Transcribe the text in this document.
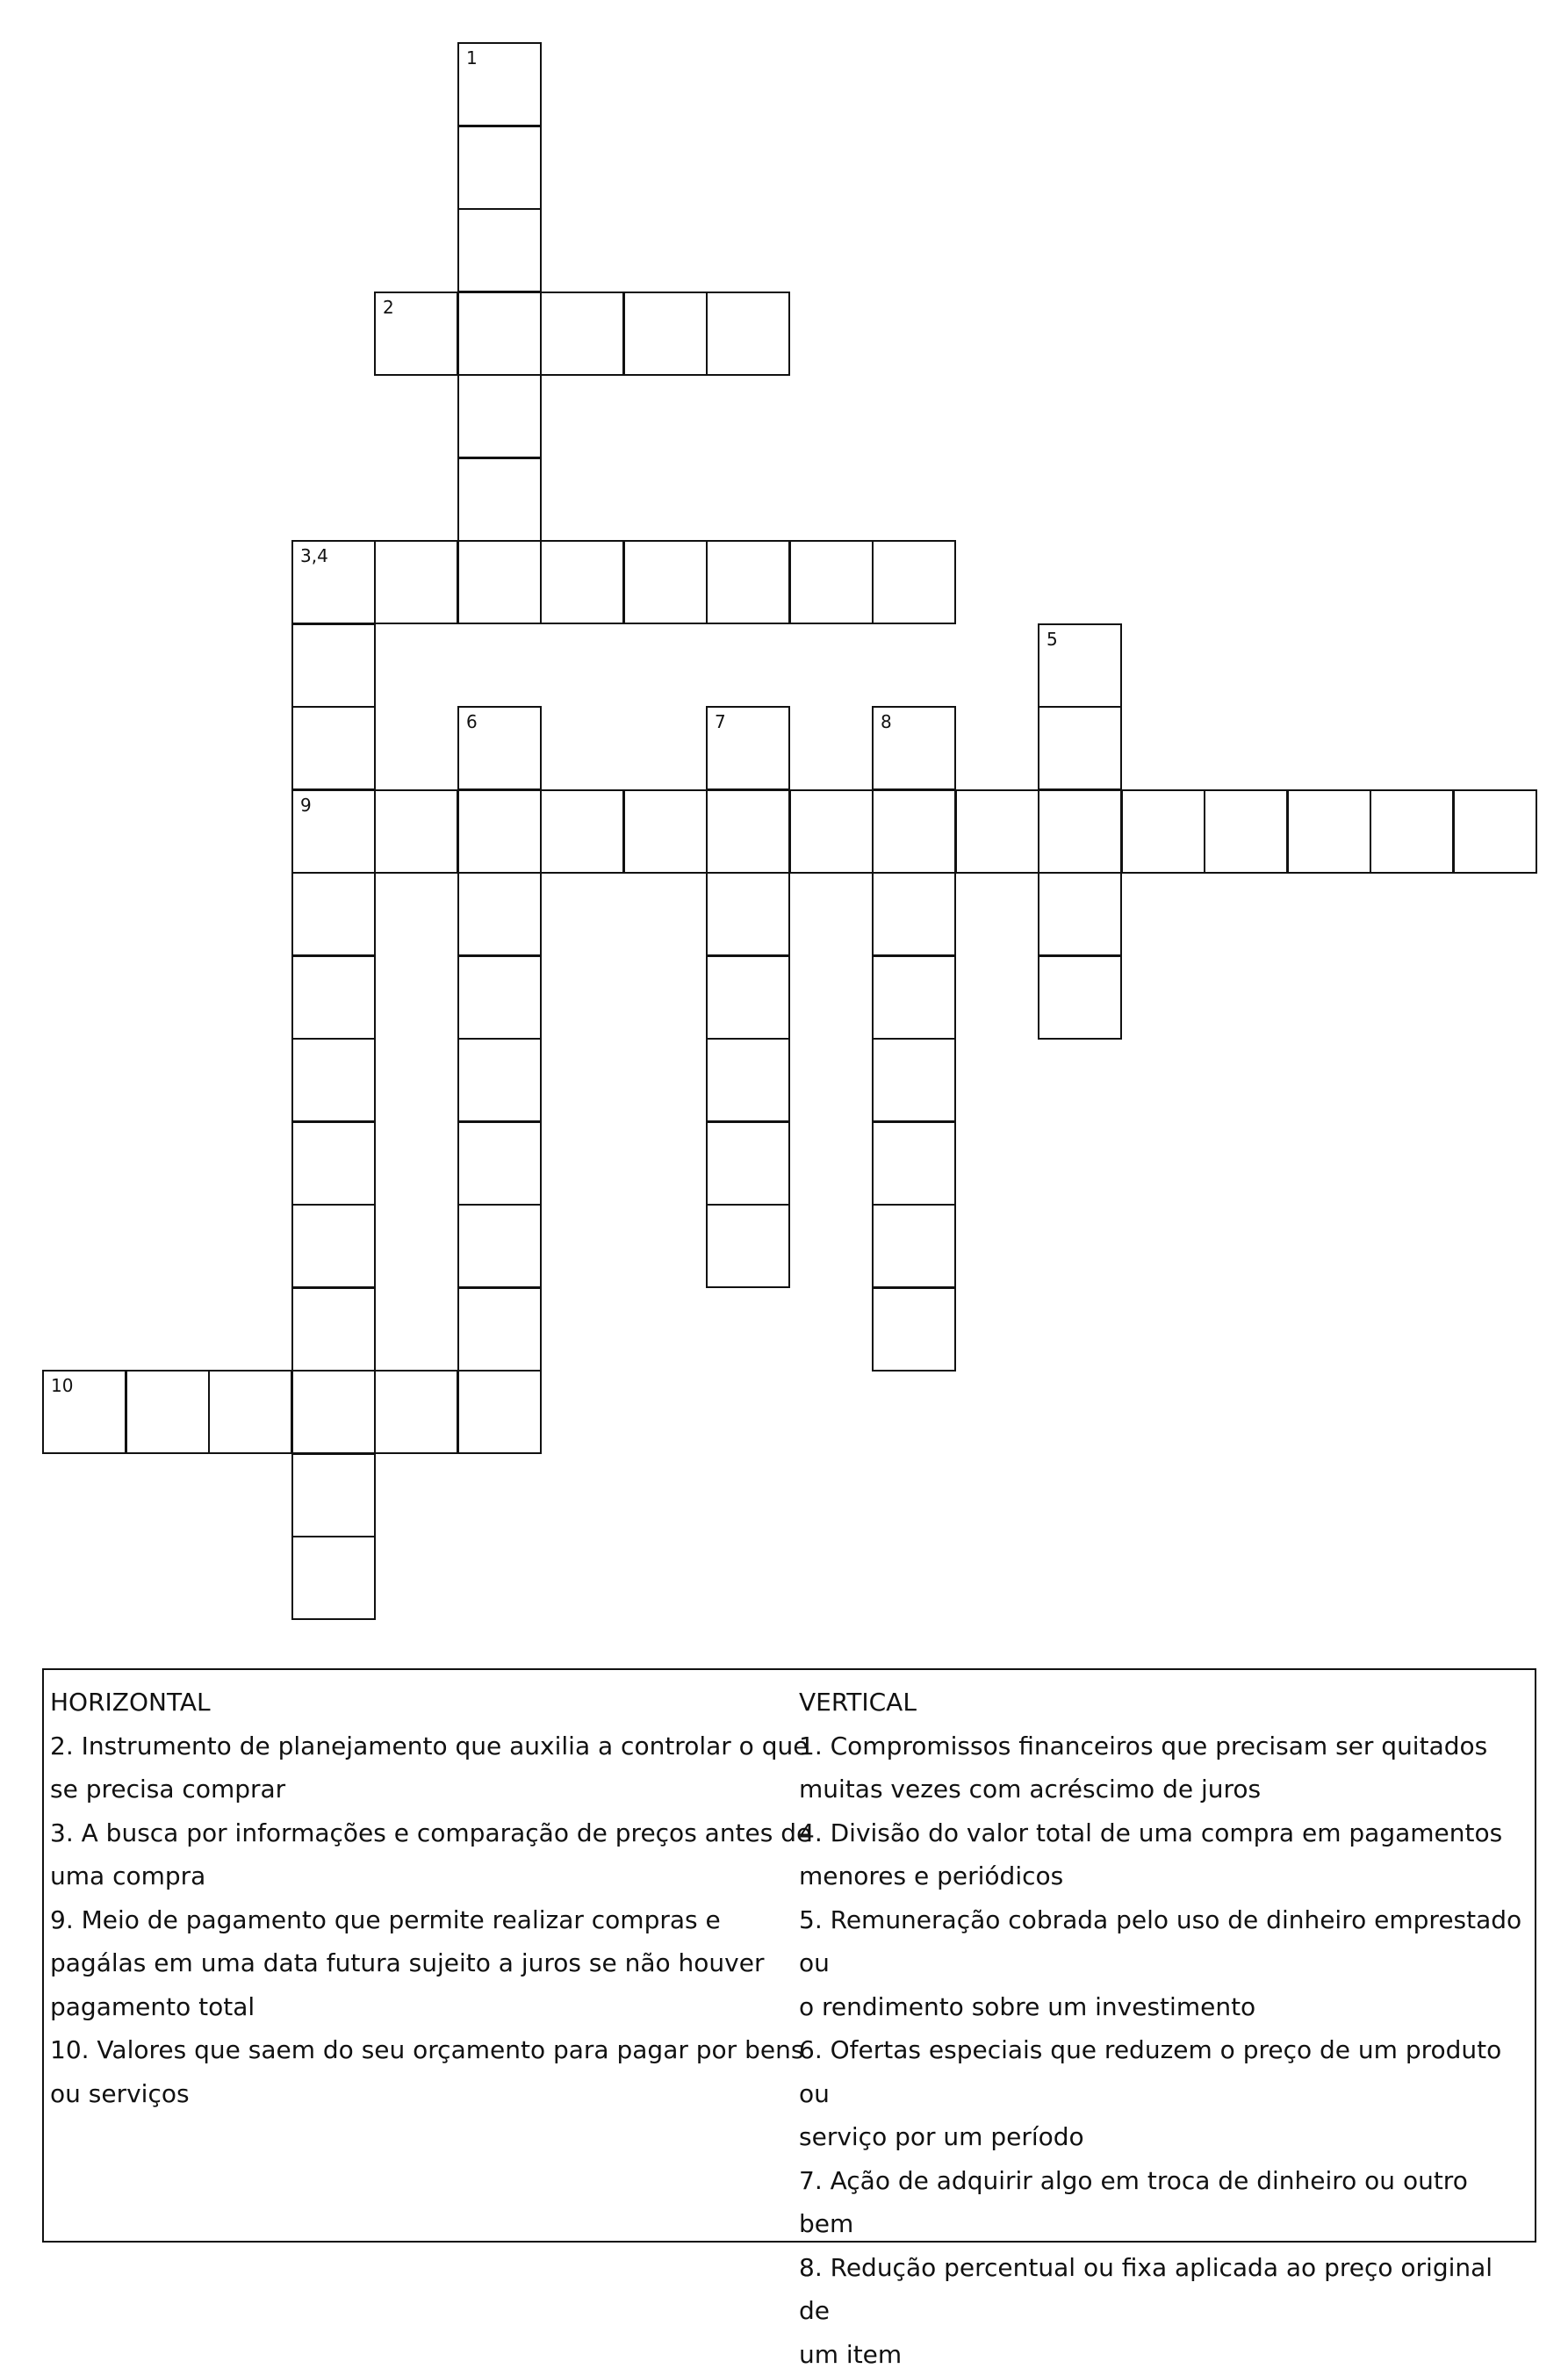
2
3,4
9
10
1
5
6	7	8
HORIZONTAL
2. Instrumento de planejamento que auxilia a controlar o que
se precisa comprar
3. A busca por informações e comparação de preços antes de
uma compra
9. Meio de pagamento que permite realizar compras e
pagálas em uma data futura sujeito a juros se não houver
pagamento total
10. Valores que saem do seu orçamento para pagar por bens
ou serviços
VERTICAL
1. Compromissos financeiros que precisam ser quitados
muitas vezes com acréscimo de juros
4. Divisão do valor total de uma compra em pagamentos
menores e periódicos
5. Remuneração cobrada pelo uso de dinheiro emprestado ou
o rendimento sobre um investimento
6. Ofertas especiais que reduzem o preço de um produto ou
serviço por um período
7. Ação de adquirir algo em troca de dinheiro ou outro bem
8. Redução percentual ou fixa aplicada ao preço original de
um item
